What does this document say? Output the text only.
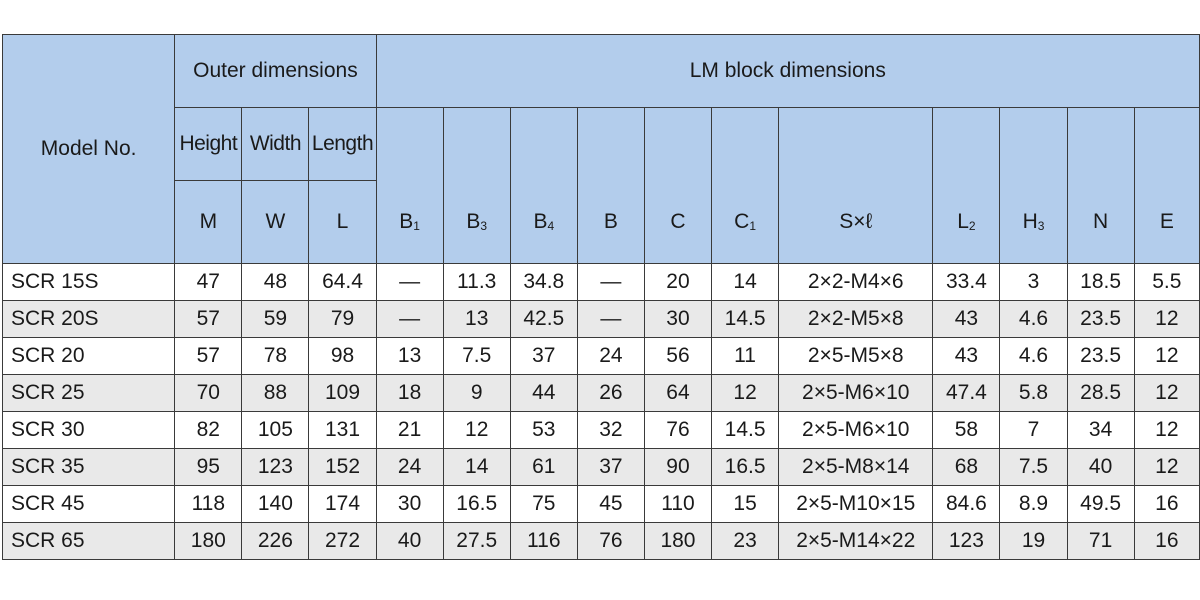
Model No.	Outer dimensions			LM block dimensions										
	Height	Width	Length											
	M	W	L	$B_1$	$B_3$	$B_4$	B	C	$C_1$	S×ℓ	$L_2$	$H_3$	N	E
SCR 15S	47	48	64.4	—	11.3	34.8	—	20	14	2×2-M4×6	33.4	3	18.5	5.5
SCR 20S	57	59	79	—	13	42.5	—	30	14.5	2×2-M5×8	43	4.6	23.5	12
SCR 20	57	78	98	13	7.5	37	24	56	11	2×5-M5×8	43	4.6	23.5	12
SCR 25	70	88	109	18	9	44	26	64	12	2×5-M6×10	47.4	5.8	28.5	12
SCR 30	82	105	131	21	12	53	32	76	14.5	2×5-M6×10	58	7	34	12
SCR 35	95	123	152	24	14	61	37	90	16.5	2×5-M8×14	68	7.5	40	12
SCR 45	118	140	174	30	16.5	75	45	110	15	2×5-M10×15	84.6	8.9	49.5	16
SCR 65	180	226	272	40	27.5	116	76	180	23	2×5-M14×22	123	19	71	16
